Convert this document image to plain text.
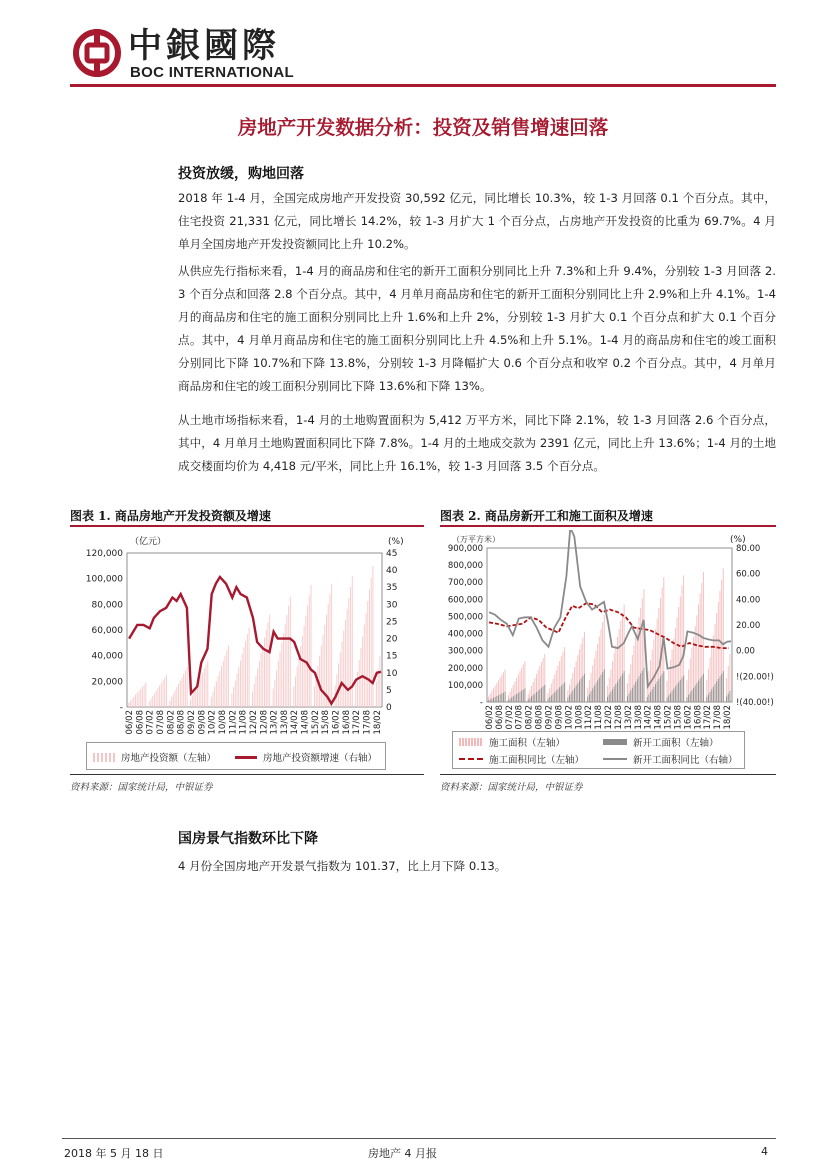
中銀國際
BOC INTERNATIONAL
房地产开发数据分析：投资及销售增速回落
投资放缓，购地回落
2018 年 1-4 月，全国完成房地产开发投资 30,592 亿元，同比增长 10.3%，较 1-3 月回落 0.1 个百分点。其中，住宅投资 21,331 亿元，同比增长 14.2%，较 1-3 月扩大 1 个百分点，占房地产开发投资的比重为 69.7%。4 月单月全国房地产开发投资额同比上升 10.2%。
从供应先行指标来看，1-4 月的商品房和住宅的新开工面积分别同比上升 7.3%和上升 9.4%，分别较 1-3 月回落 2.3 个百分点和回落 2.8 个百分点。其中，4 月单月商品房和住宅的新开工面积分别同比上升 2.9%和上升 4.1%。1-4 月的商品房和住宅的施工面积分别同比上升 1.6%和上升 2%，分别较 1-3 月扩大 0.1 个百分点和扩大 0.1 个百分点。其中，4 月单月商品房和住宅的施工面积分别同比上升 4.5%和上升 5.1%。1-4 月的商品房和住宅的竣工面积分别同比下降 10.7%和下降 13.8%，分别较 1-3 月降幅扩大 0.6 个百分点和收窄 0.2 个百分点。其中，4 月单月商品房和住宅的竣工面积分别同比下降 13.6%和下降 13%。
从土地市场指标来看，1-4 月的土地购置面积为 5,412 万平方米，同比下降 2.1%，较 1-3 月回落 2.6 个百分点，其中，4 月单月土地购置面积同比下降 7.8%。1-4 月的土地成交款为 2391 亿元，同比上升 13.6%；1-4 月的土地成交楼面均价为 4,418 元/平米，同比上升 16.1%，较 1-3 月回落 3.5 个百分点。
图表 1. 商品房地产开发投资额及增速
（亿元）	(%)
120,000
100,000
80,000
60,000
40,000
20,000
-
45
40
35
30
25
20
15
10
5
0
06/02 06/08 07/02 07/08 08/02 08/08 09/02 09/08 10/02 10/08 11/02 11/08 12/02 12/08 13/02 13/08 14/02 14/08 15/02 15/08 16/02 16/08 17/02 17/08 18/02
房地产投资额（左轴）	房地产投资额增速（右轴）
资料来源：国家统计局，中银证券
图表 2. 商品房新开工和施工面积及增速
（万平方米）	(%)
900,000
800,000
700,000
600,000
500,000
400,000
300,000
200,000
100,000
-
80.00
60.00
40.00
20.00
0.00
!(20.00!)
!(40.00!)
06/02 06/08 07/02 07/08 08/02 08/08 09/02 09/08 10/02 10/08 11/02 11/08 12/02 12/08 13/02 13/08 14/02 14/08 15/02 15/08 16/02 16/08 17/02 17/08 18/02
施工面积（左轴）	新开工面积（左轴）
施工面积同比（左轴）	新开工面积同比（右轴）
资料来源：国家统计局，中银证券
国房景气指数环比下降
4 月份全国房地产开发景气指数为 101.37，比上月下降 0.13。
2018 年 5 月 18 日	房地产 4 月报	4
